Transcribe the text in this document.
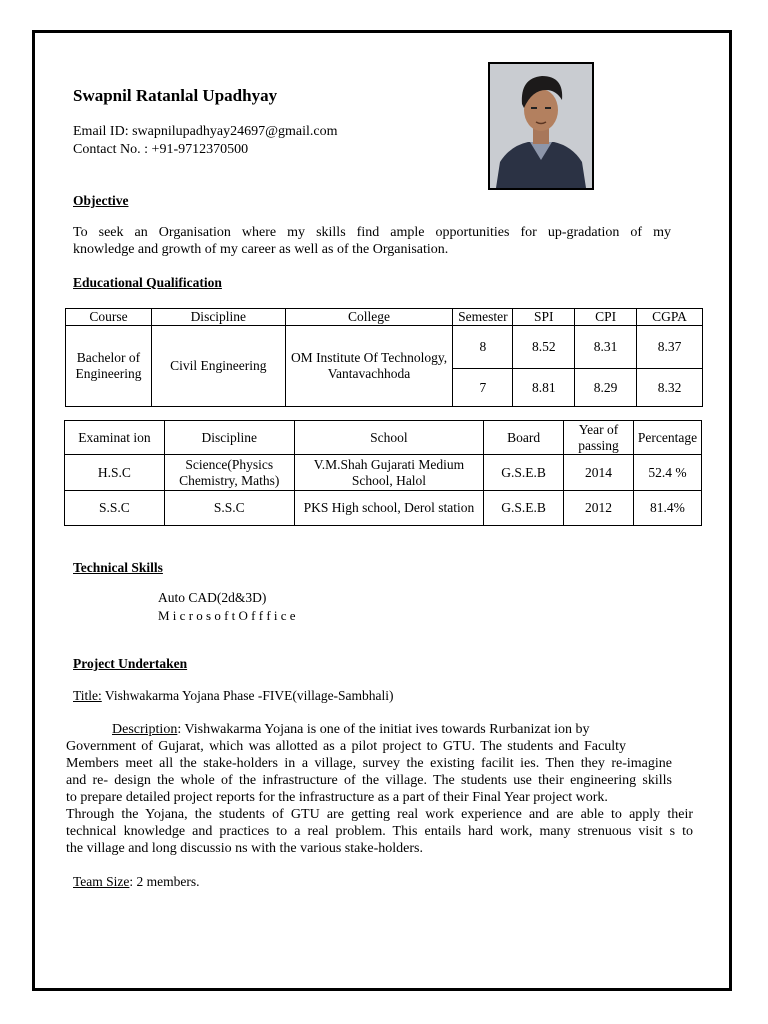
Swapnil Ratanlal Upadhyay
Email ID: swapnilupadhyay24697@gmail.com
Contact No. : +91-9712370500
Objective
To seek an Organisation where my skills find ample opportunities for up-gradation of my
knowledge and growth of my career as well as of the Organisation.
Educational Qualification
Course	Discipline	College	Semester	SPI	CPI	CGPA
Bachelor of Engineering	Civil Engineering	OM Institute Of Technology, Vantavachhoda	8	8.52	8.31	8.37
			7	8.81	8.29	8.32
Examinat ion	Discipline	School	Board	Year of passing	Percentage
H.S.C	Science(Physics Chemistry, Maths)	V.M.Shah Gujarati Medium School, Halol	G.S.E.B	2014	52.4 %
S.S.C	S.S.C	PKS High school, Derol station	G.S.E.B	2012	81.4%
Technical Skills
Auto CAD(2d&3D)
M i c r o s o f t O f f f i c e
Project Undertaken
Title: Vishwakarma Yojana Phase -FIVE(village-Sambhali)
Description: Vishwakarma Yojana is one of the initiat ives towards Rurbanizat ion by
Government of Gujarat, which was allotted as a pilot project to GTU. The students and Faculty
Members meet all the stake-holders in a village, survey the existing facilit ies. Then they re-imagine
and re- design the whole of the infrastructure of the village. The students use their engineering skills
to prepare detailed project reports for the infrastructure as a part of their Final Year project work.
Through the Yojana, the students of GTU are getting real work experience and are able to apply their
technical knowledge and practices to a real problem. This entails hard work, many strenuous visit s to
the village and long discussio ns with the various stake-holders.
Team Size: 2 members.
